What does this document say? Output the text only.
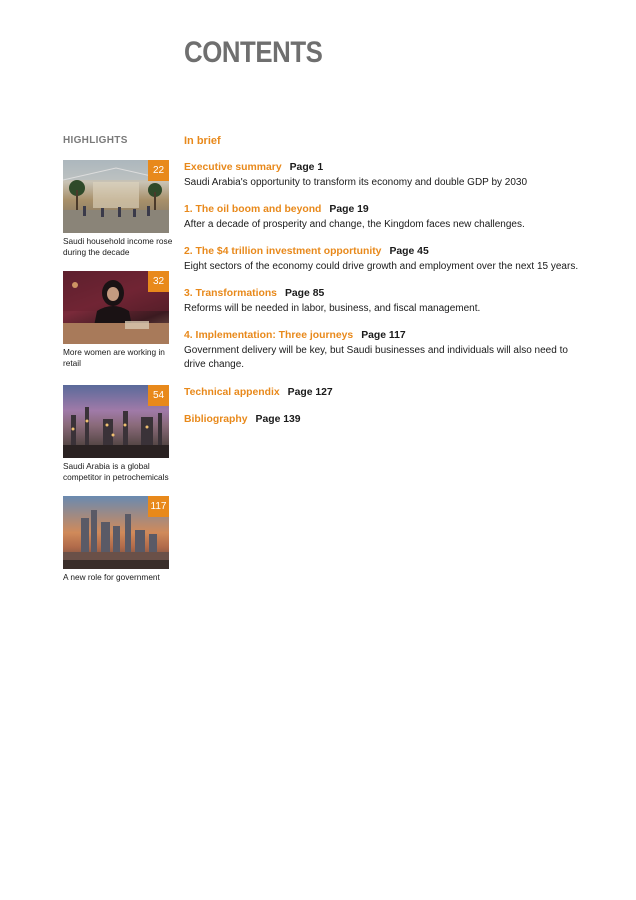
CONTENTS
HIGHLIGHTS
22
Saudi household income rose during the decade
32
More women are working in retail
54
Saudi Arabia is a global competitor in petrochemicals
117
A new role for government
In brief
Executive summary Page 1
Saudi Arabia's opportunity to transform its economy and double GDP by 2030
1. The oil boom and beyond Page 19
After a decade of prosperity and change, the Kingdom faces new challenges.
2. The $4 trillion investment opportunity Page 45
Eight sectors of the economy could drive growth and employment over the next 15 years.
3. Transformations Page 85
Reforms will be needed in labor, business, and fiscal management.
4. Implementation: Three journeys Page 117
Government delivery will be key, but Saudi businesses and individuals will also need to drive change.
Technical appendix Page 127
Bibliography Page 139
